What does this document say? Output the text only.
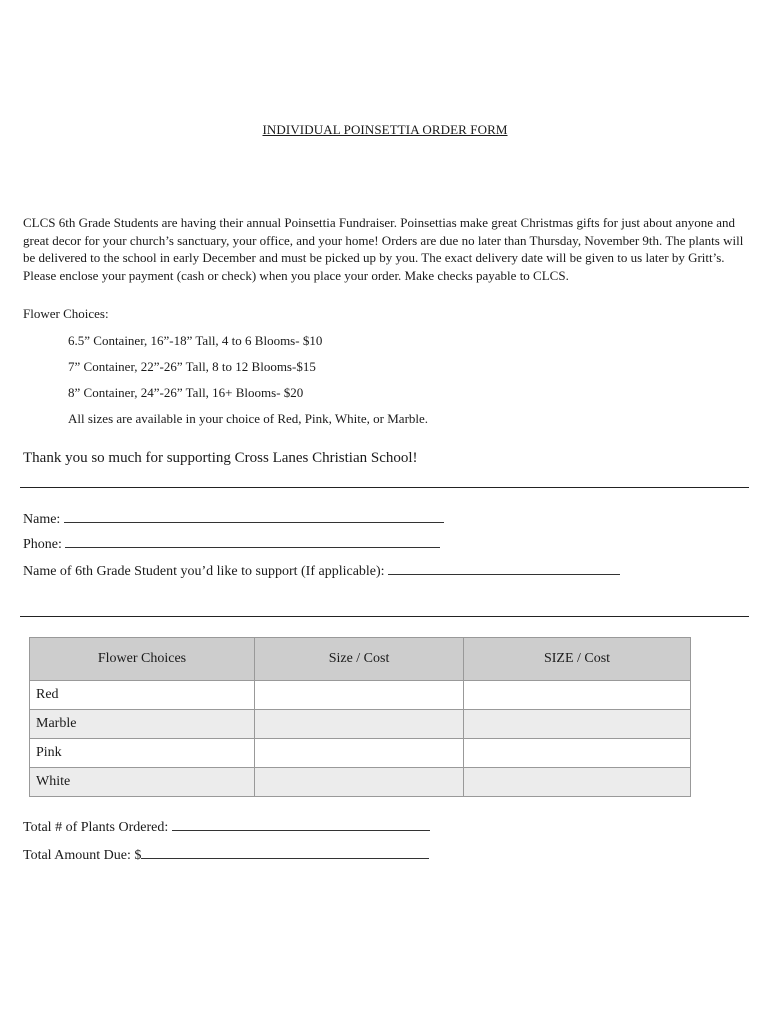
INDIVIDUAL POINSETTIA ORDER FORM
CLCS 6th Grade Students are having their annual Poinsettia Fundraiser. Poinsettias make great Christmas gifts for just about anyone and great decor for your church’s sanctuary, your office, and your home! Orders are due no later than Thursday, November 9th. The plants will be delivered to the school in early December and must be picked up by you. The exact delivery date will be given to us later by Gritt’s. Please enclose your payment (cash or check) when you place your order. Make checks payable to CLCS.
Flower Choices:
6.5” Container, 16”-18” Tall, 4 to 6 Blooms- $10
7” Container, 22”-26” Tall, 8 to 12 Blooms-$15
8” Container, 24”-26” Tall, 16+ Blooms- $20
All sizes are available in your choice of Red, Pink, White, or Marble.
Thank you so much for supporting Cross Lanes Christian School!
Name:
Phone:
Name of 6th Grade Student you’d like to support (If applicable):
Flower Choices	Size / Cost	SIZE / Cost
Red		
Marble		
Pink		
White		
Total # of Plants Ordered:
Total Amount Due: $
